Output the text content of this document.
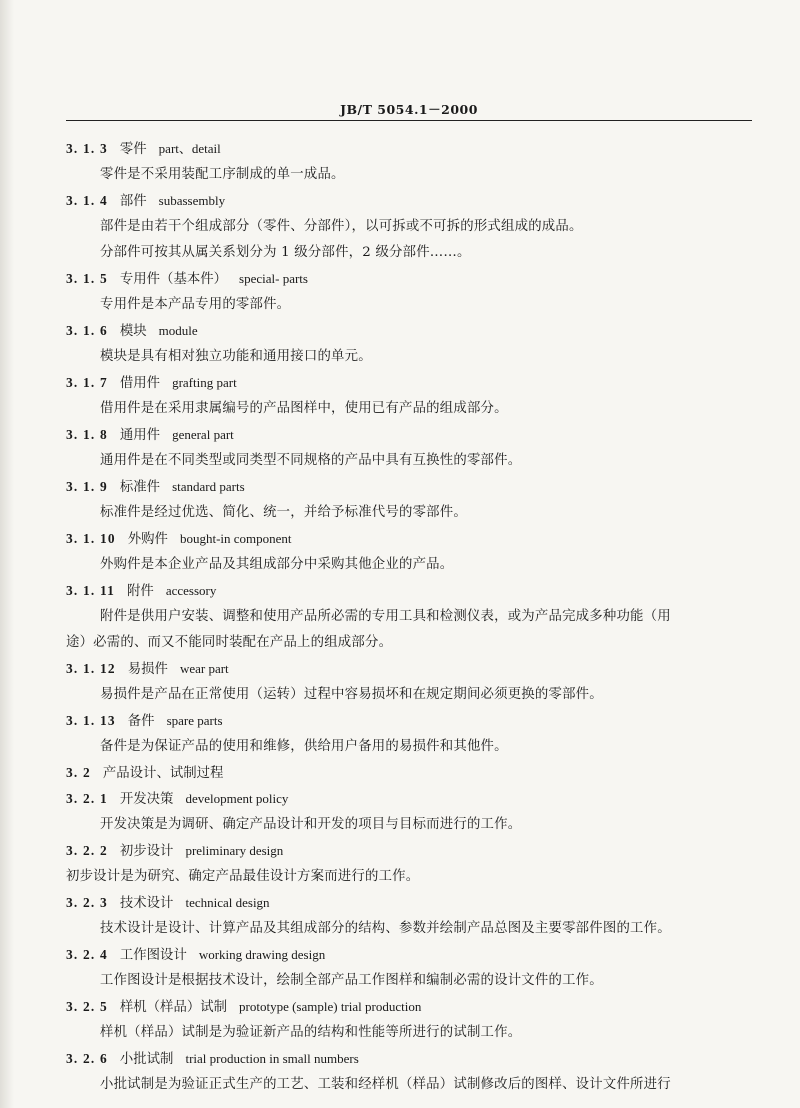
JB/T 5054.1－2000
3. 1. 3 零件 part、detail
零件是不采用装配工序制成的单一成品。
3. 1. 4 部件 subassembly
部件是由若干个组成部分（零件、分部件），以可拆或不可拆的形式组成的成品。
分部件可按其从属关系划分为 1 级分部件，2 级分部件……。
3. 1. 5 专用件（基本件） special- parts
专用件是本产品专用的零部件。
3. 1. 6 模块 module
模块是具有相对独立功能和通用接口的单元。
3. 1. 7 借用件 grafting part
借用件是在采用隶属编号的产品图样中，使用已有产品的组成部分。
3. 1. 8 通用件 general part
通用件是在不同类型或同类型不同规格的产品中具有互换性的零部件。
3. 1. 9 标准件 standard parts
标准件是经过优选、简化、统一，并给予标准代号的零部件。
3. 1. 10 外购件 bought-in component
外购件是本企业产品及其组成部分中采购其他企业的产品。
3. 1. 11 附件 accessory
附件是供用户安装、调整和使用产品所必需的专用工具和检测仪表，或为产品完成多种功能（用
途）必需的、而又不能同时装配在产品上的组成部分。
3. 1. 12 易损件 wear part
易损件是产品在正常使用（运转）过程中容易损坏和在规定期间必须更换的零部件。
3. 1. 13 备件 spare parts
备件是为保证产品的使用和维修，供给用户备用的易损件和其他件。
3. 2 产品设计、试制过程
3. 2. 1 开发决策 development policy
开发决策是为调研、确定产品设计和开发的项目与目标而进行的工作。
3. 2. 2 初步设计 preliminary design
初步设计是为研究、确定产品最佳设计方案而进行的工作。
3. 2. 3 技术设计 technical design
技术设计是设计、计算产品及其组成部分的结构、参数并绘制产品总图及主要零部件图的工作。
3. 2. 4 工作图设计 working drawing design
工作图设计是根据技术设计，绘制全部产品工作图样和编制必需的设计文件的工作。
3. 2. 5 样机（样品）试制 prototype (sample) trial production
样机（样品）试制是为验证新产品的结构和性能等所进行的试制工作。
3. 2. 6 小批试制 trial production in small numbers
小批试制是为验证正式生产的工艺、工装和经样机（样品）试制修改后的图样、设计文件所进行
